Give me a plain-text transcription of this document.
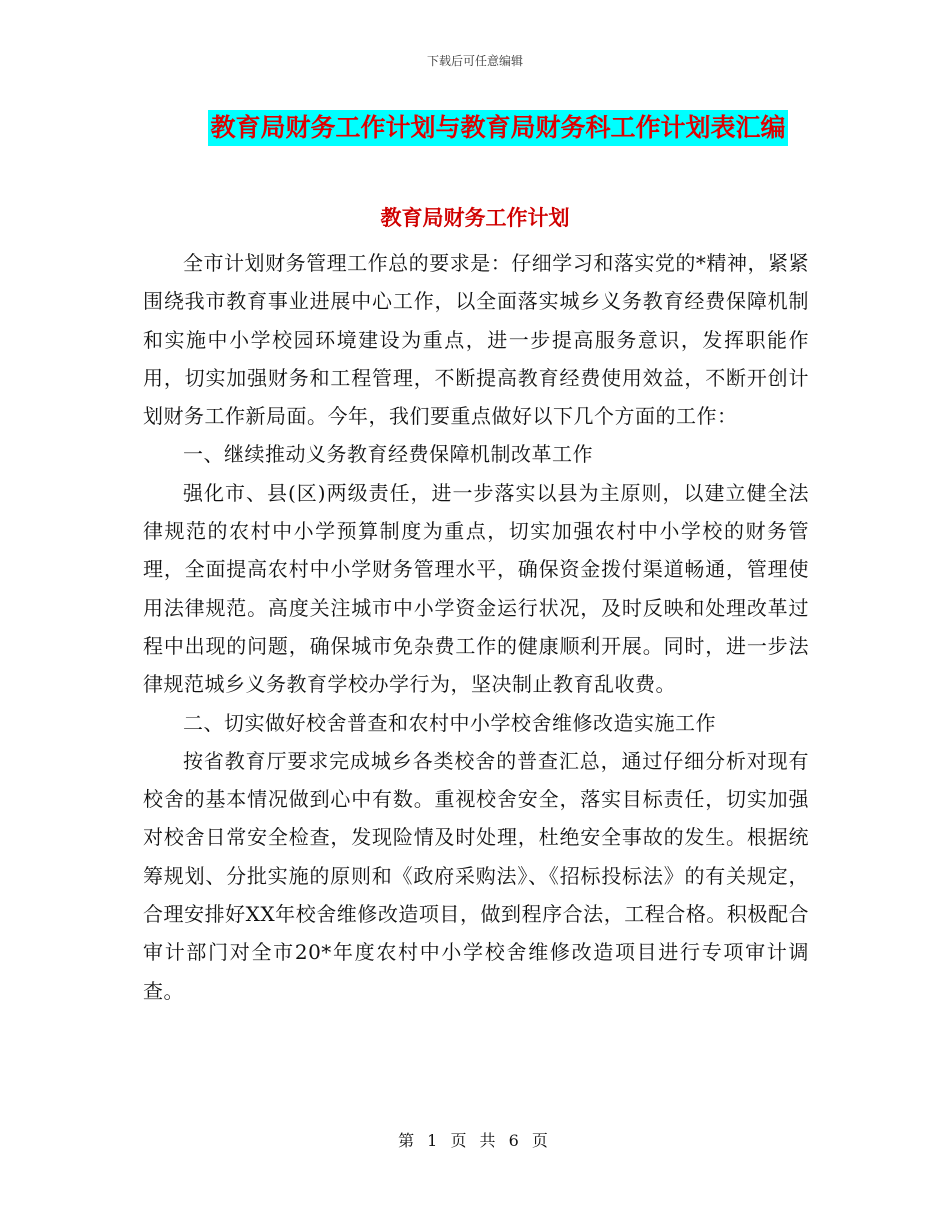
下载后可任意编辑
教育局财务工作计划与教育局财务科工作计划表汇编
教育局财务工作计划

全市计划财务管理工作总的要求是：仔细学习和落实党的*精神，紧紧围绕我市教育事业进展中心工作，以全面落实城乡义务教育经费保障机制和实施中小学校园环境建设为重点，进一步提高服务意识，发挥职能作用，切实加强财务和工程管理，不断提高教育经费使用效益，不断开创计划财务工作新局面。今年，我们要重点做好以下几个方面的工作：

一、继续推动义务教育经费保障机制改革工作

强化市、县(区)两级责任，进一步落实以县为主原则，以建立健全法律规范的农村中小学预算制度为重点，切实加强农村中小学校的财务管理，全面提高农村中小学财务管理水平，确保资金拨付渠道畅通，管理使用法律规范。高度关注城市中小学资金运行状况，及时反映和处理改革过程中出现的问题，确保城市免杂费工作的健康顺利开展。同时，进一步法律规范城乡义务教育学校办学行为，坚决制止教育乱收费。

二、切实做好校舍普查和农村中小学校舍维修改造实施工作

按省教育厅要求完成城乡各类校舍的普查汇总，通过仔细分析对现有校舍的基本情况做到心中有数。重视校舍安全，落实目标责任，切实加强对校舍日常安全检查，发现险情及时处理，杜绝安全事故的发生。根据统筹规划、分批实施的原则和《政府采购法》、《招标投标法》的有关规定，合理安排好XX年校舍维修改造项目，做到程序合法，工程合格。积极配合审计部门对全市20*年度农村中小学校舍维修改造项目进行专项审计调查。

第 1 页 共 6 页
